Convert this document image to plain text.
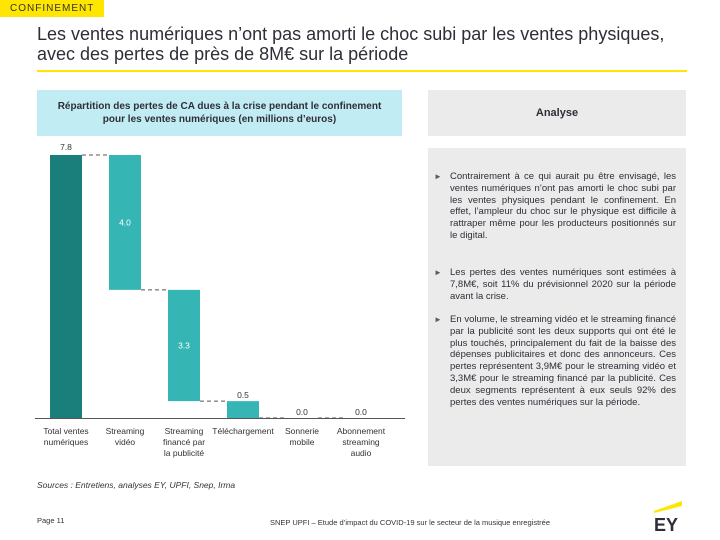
CONFINEMENT
Les ventes numériques n’ont pas amorti le choc subi par les ventes physiques, avec des pertes de près de 8M€ sur la période
Répartition des pertes de CA dues à la crise pendant le confinement pour les ventes numériques (en millions d’euros)
Analyse
► Contrairement à ce qui aurait pu être envisagé, les ventes numériques n’ont pas amorti le choc subi par les ventes physiques pendant le confinement. En effet, l’ampleur du choc sur le physique est difficile à rattraper même pour les producteurs positionnés sur le digital.
► Les pertes des ventes numériques sont estimées à 7,8M€, soit 11% du prévisionnel 2020 sur la période avant la crise.
► En volume, le streaming vidéo et le streaming financé par la publicité sont les deux supports qui ont été le plus touchés, principalement du fait de la baisse des dépenses publicitaires et donc des annonceurs. Ces pertes représentent 3,9M€ pour le streaming vidéo et 3,3M€ pour le streaming financé par la publicité. Ces deux segments représentent à eux seuls 92% des pertes des ventes numériques sur la période.
7.8
Total ventes
numériques
4.0
Streaming
vidéo
3.3
Streaming
financé par
la publicité
0.5
Téléchargement
0.0
Sonnerie
mobile
0.0
Abonnement
streaming
audio
Sources : Entretiens, analyses EY, UPFI, Snep, Irma
Page 11	SNEP UPFI – Etude d’impact du COVID-19 sur le secteur de la musique enregistrée	EY
